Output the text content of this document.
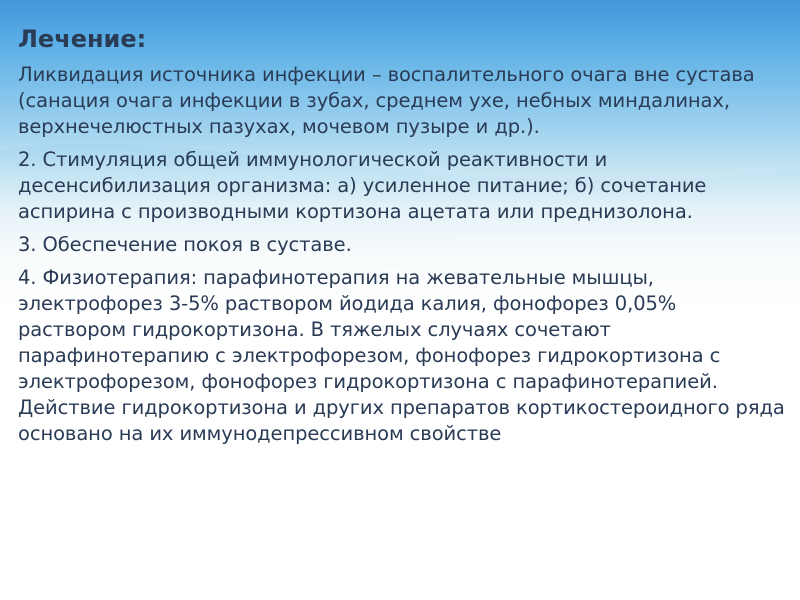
Лечение:

Ликвидация источника инфекции – воспалительного очага вне сустава (санация очага инфекции в зубах, среднем ухе, небных миндалинах, верхнечелюстных пазухах, мочевом пузыре и др.).

2. Стимуляция общей иммунологической реактивности и десенсибилизация организма: а) усиленное питание; б) сочетание аспирина с производными кортизона ацетата или преднизолона.

3. Обеспечение покоя в суставе.

4. Физиотерапия: парафинотерапия на жевательные мышцы, электрофорез 3-5% раствором йодида калия, фонофорез 0,05% раствором гидрокортизона. В тяжелых случаях сочетают парафинотерапию с электрофорезом, фонофорез гидрокортизона с электрофорезом, фонофорез гидрокортизона с парафинотерапией. Действие гидрокортизона и других препаратов кортикостероидного ряда основано на их иммунодепрессивном свойстве
